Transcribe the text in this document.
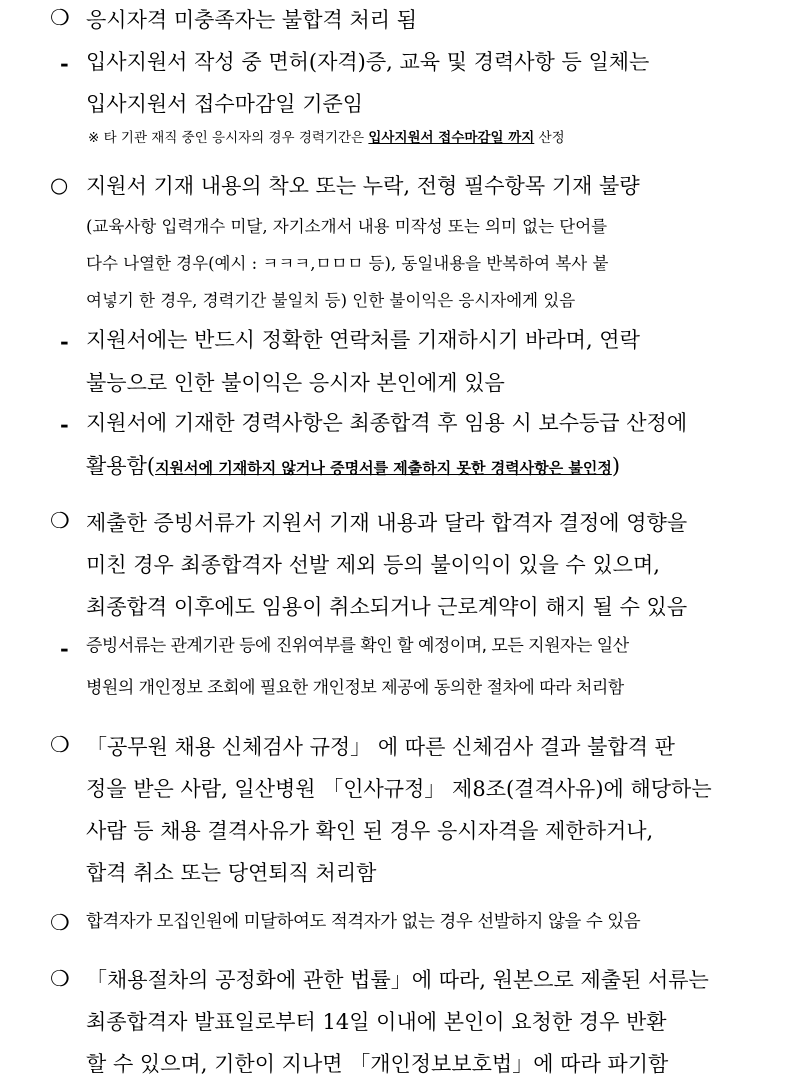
❍ 응시자격 미충족자는 불합격 처리 됨
- 입사지원서 작성 중 면허(자격)증, 교육 및 경력사항 등 일체는
입사지원서 접수마감일 기준임
※ 타 기관 재직 중인 응시자의 경우 경력기간은 입사지원서 접수마감일 까지 산정
○ 지원서 기재 내용의 착오 또는 누락, 전형 필수항목 기재 불량
(교육사항 입력개수 미달, 자기소개서 내용 미작성 또는 의미 없는 단어를
다수 나열한 경우(예시 : ㅋㅋㅋ,ㅁㅁㅁ 등), 동일내용을 반복하여 복사 붙
여넣기 한 경우, 경력기간 불일치 등) 인한 불이익은 응시자에게 있음
- 지원서에는 반드시 정확한 연락처를 기재하시기 바라며, 연락
불능으로 인한 불이익은 응시자 본인에게 있음
- 지원서에 기재한 경력사항은 최종합격 후 임용 시 보수등급 산정에
활용함(지원서에 기재하지 않거나 증명서를 제출하지 못한 경력사항은 불인정)
❍ 제출한 증빙서류가 지원서 기재 내용과 달라 합격자 결정에 영향을
미친 경우 최종합격자 선발 제외 등의 불이익이 있을 수 있으며,
최종합격 이후에도 임용이 취소되거나 근로계약이 해지 될 수 있음
- 증빙서류는 관계기관 등에 진위여부를 확인 할 예정이며, 모든 지원자는 일산
병원의 개인정보 조회에 필요한 개인정보 제공에 동의한 절차에 따라 처리함
❍ 「공무원 채용 신체검사 규정」 에 따른 신체검사 결과 불합격 판
정을 받은 사람, 일산병원 「인사규정」 제8조(결격사유)에 해당하는
사람 등 채용 결격사유가 확인 된 경우 응시자격을 제한하거나,
합격 취소 또는 당연퇴직 처리함
❍ 합격자가 모집인원에 미달하여도 적격자가 없는 경우 선발하지 않을 수 있음
❍ 「채용절차의 공정화에 관한 법률」에 따라, 원본으로 제출된 서류는
최종합격자 발표일로부터 14일 이내에 본인이 요청한 경우 반환
할 수 있으며, 기한이 지나면 「개인정보보호법」에 따라 파기함
